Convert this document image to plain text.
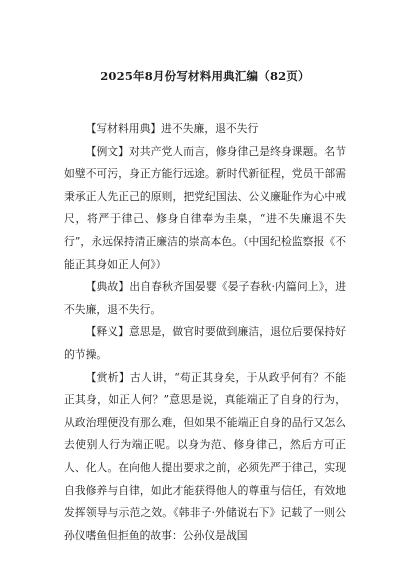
2025年8月份写材料用典汇编（82页）

【写材料用典】进不失廉，退不失行

【例文】对共产党人而言，修身律己是终身课题。名节如璧不可污，身正方能行远途。新时代新征程，党员干部需秉承正人先正己的原则，把党纪国法、公义廉耻作为心中戒尺，将严于律己、修身自律奉为圭臬，“进不失廉退不失行”，永远保持清正廉洁的崇高本色。（中国纪检监察报《不能正其身如正人何》）

【典故】出自春秋齐国晏婴《晏子春秋·内篇问上》，进不失廉，退不失行。

【释义】意思是，做官时要做到廉洁，退位后要保持好的节操。

【赏析】古人讲，“苟正其身矣，于从政乎何有？不能正其身，如正人何？”意思是说，真能端正了自身的行为，从政治理便没有那么难，但如果不能端正自身的品行又怎么去使别人行为端正呢。以身为范、修身律己，然后方可正人、化人。在向他人提出要求之前，必须先严于律己，实现自我修养与自律，如此才能获得他人的尊重与信任，有效地发挥领导与示范之效。《韩非子·外储说右下》记载了一则公孙仪嗜鱼但拒鱼的故事：公孙仪是战国
